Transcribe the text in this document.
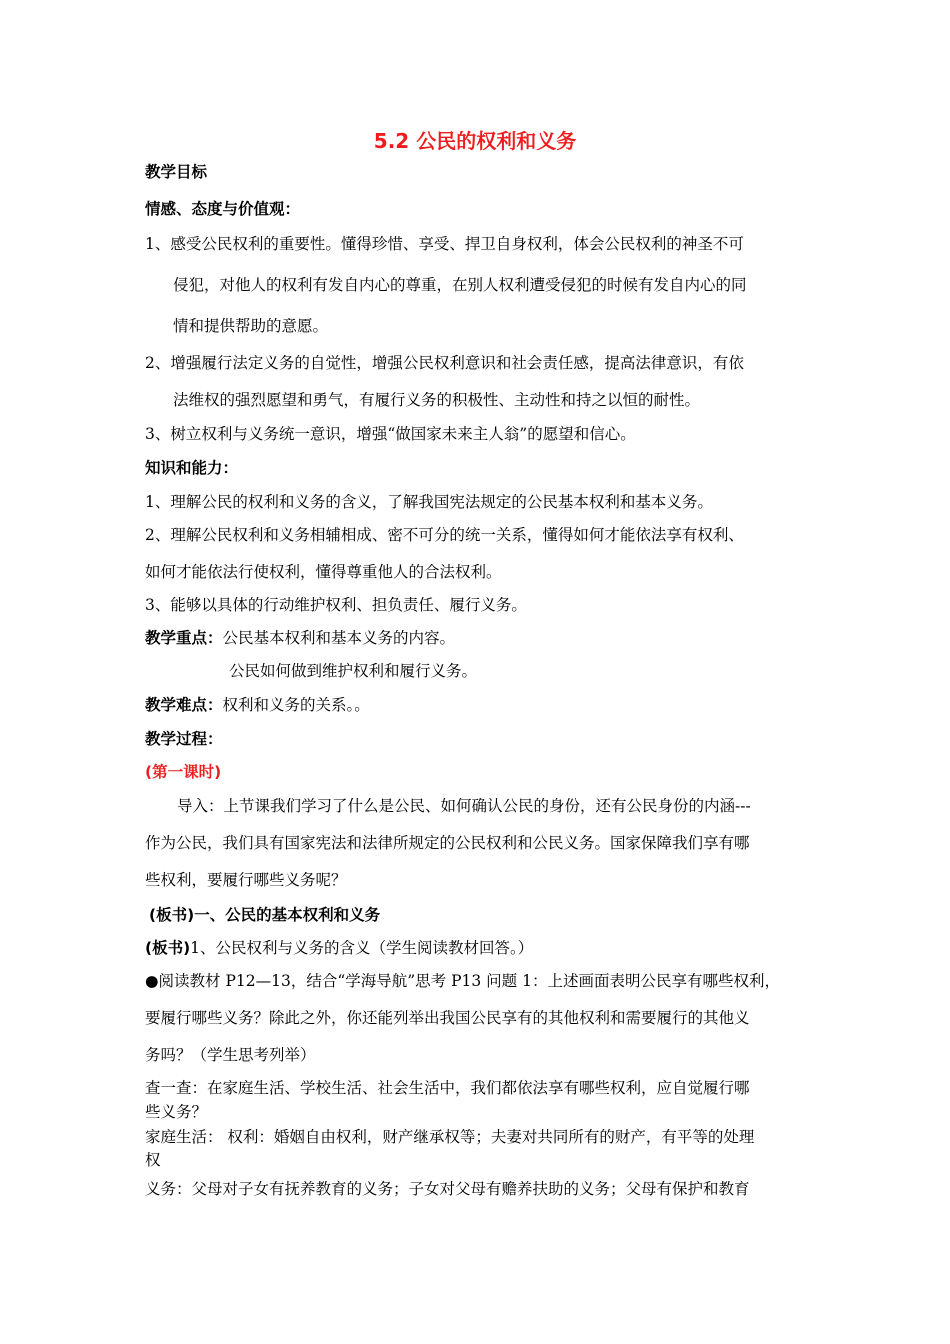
5.2 公民的权利和义务
教学目标
情感、态度与价值观：
1、感受公民权利的重要性。懂得珍惜、享受、捍卫自身权利，体会公民权利的神圣不可
侵犯，对他人的权利有发自内心的尊重，在别人权利遭受侵犯的时候有发自内心的同
情和提供帮助的意愿。
2、增强履行法定义务的自觉性，增强公民权利意识和社会责任感，提高法律意识，有依
法维权的强烈愿望和勇气，有履行义务的积极性、主动性和持之以恒的耐性。
3、树立权利与义务统一意识，增强“做国家未来主人翁”的愿望和信心。
知识和能力：
1、理解公民的权利和义务的含义，了解我国宪法规定的公民基本权利和基本义务。
2、理解公民权利和义务相辅相成、密不可分的统一关系，懂得如何才能依法享有权利、
如何才能依法行使权利，懂得尊重他人的合法权利。
3、能够以具体的行动维护权利、担负责任、履行义务。
教学重点：公民基本权利和基本义务的内容。
公民如何做到维护权利和履行义务。
教学难点：权利和义务的关系。。
教学过程：
(第一课时)
导入：上节课我们学习了什么是公民、如何确认公民的身份，还有公民身份的内涵---
作为公民，我们具有国家宪法和法律所规定的公民权利和公民义务。国家保障我们享有哪
些权利，要履行哪些义务呢？
(板书)一、公民的基本权利和义务
(板书)1、公民权利与义务的含义（学生阅读教材回答。）
●阅读教材 P12—13，结合“学海导航”思考 P13 问题 1：上述画面表明公民享有哪些权利，
要履行哪些义务？除此之外，你还能列举出我国公民享有的其他权利和需要履行的其他义
务吗？（学生思考列举）
查一查：在家庭生活、学校生活、社会生活中，我们都依法享有哪些权利，应自觉履行哪
些义务？
家庭生活： 权利：婚姻自由权利，财产继承权等；夫妻对共同所有的财产，有平等的处理
权
义务：父母对子女有抚养教育的义务；子女对父母有赡养扶助的义务；父母有保护和教育
